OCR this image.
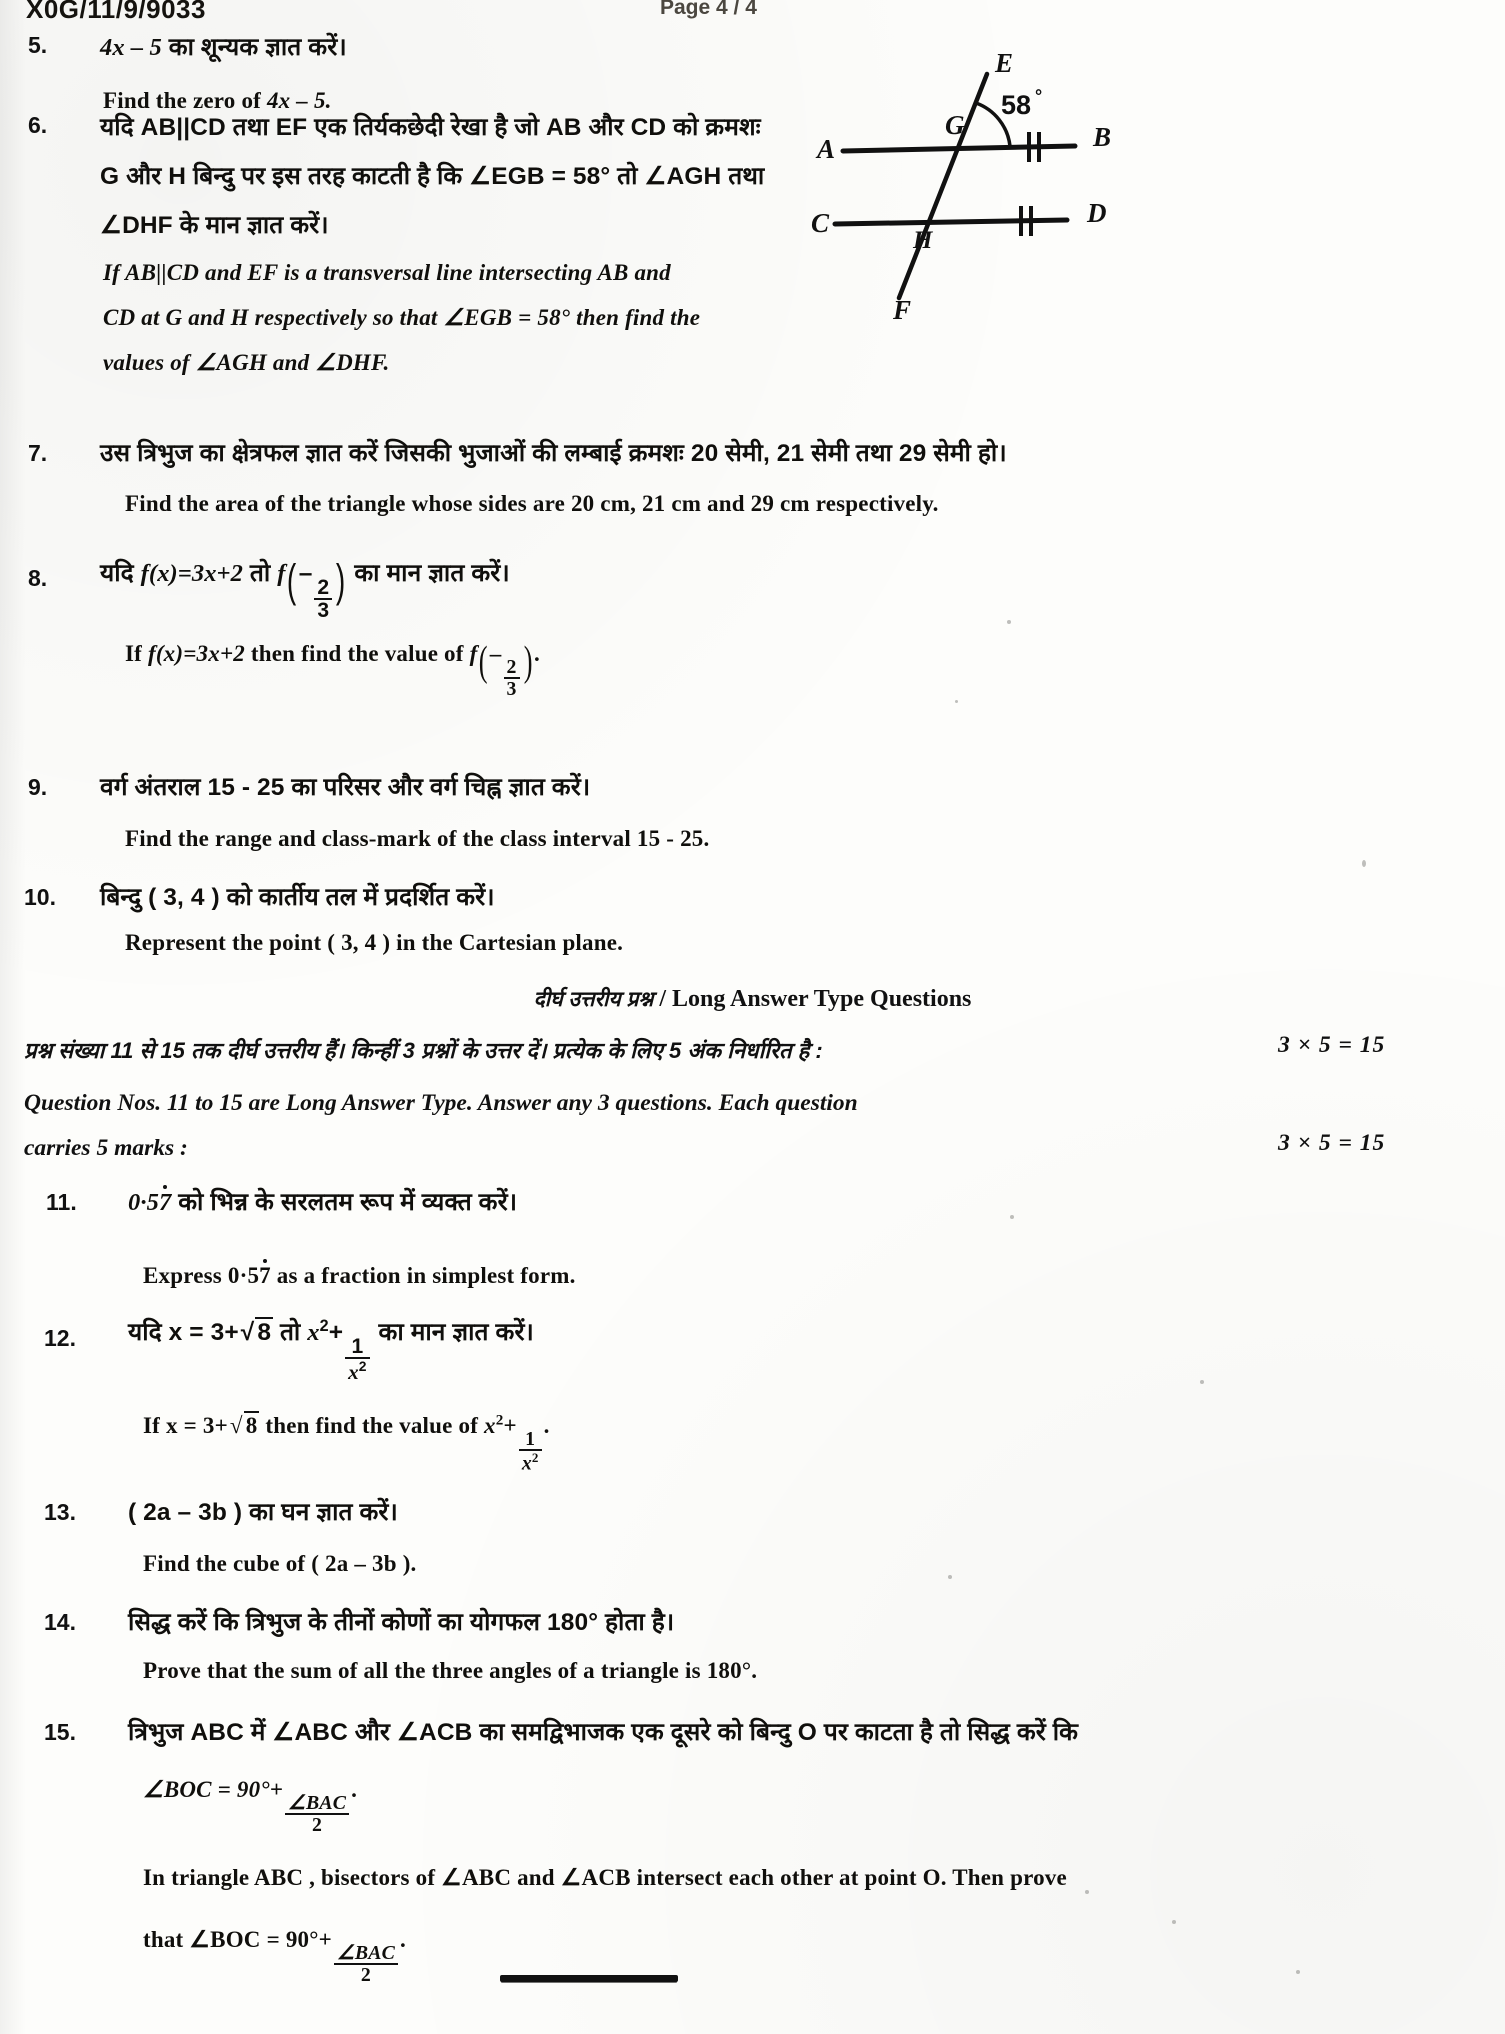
X0G/11/9/9033	Page 4 / 4
5. 4x – 5 का शून्यक ज्ञात करें।
Find the zero of 4x – 5.
6. यदि AB||CD तथा EF एक तिर्यकछेदी रेखा है जो AB और CD को क्रमशः
G और H बिन्दु पर इस तरह काटती है कि ∠EGB = 58° तो ∠AGH तथा
∠DHF के मान ज्ञात करें।
If AB||CD and EF is a transversal line intersecting AB and
CD at G and H respectively so that ∠EGB = 58° then find the
values of ∠AGH and ∠DHF.
A	B
C	D
E
F
G
H
58 °
7. उस त्रिभुज का क्षेत्रफल ज्ञात करें जिसकी भुजाओं की लम्बाई क्रमशः 20 सेमी, 21 सेमी तथा 29 सेमी हो।
Find the area of the triangle whose sides are 20 cm, 21 cm and 29 cm respectively.
8. यदि f(x)=3x+2 तो f(–
$\frac{2}{3}$ ) का मान ज्ञात करें।
If f(x)=3x+2 then find the value of f(–
$\frac{2}{3}$ ).
9. वर्ग अंतराल 15 - 25 का परिसर और वर्ग चिह्न ज्ञात करें।
Find the range and class-mark of the class interval 15 - 25.
10. बिन्दु ( 3, 4 ) को कार्तीय तल में प्रदर्शित करें।
Represent the point ( 3, 4 ) in the Cartesian plane.
दीर्घ उत्तरीय प्रश्न / Long Answer Type Questions
प्रश्न संख्या 11 से 15 तक दीर्घ उत्तरीय हैं। किन्हीं 3 प्रश्नों के उत्तर दें। प्रत्येक के लिए 5 अंक निर्धारित है :	3 × 5 = 15
Question Nos. 11 to 15 are Long Answer Type. Answer any 3 questions. Each question
carries 5 marks :	3 × 5 = 15
11. 0·57 को भिन्न के सरलतम रूप में व्यक्त करें।
Express 0·57 as a fraction in simplest form.
12. यदि x = 3+√ 8 तो $x^2+$
$\frac{1}{x^2}$
का मान ज्ञात करें।
If x = 3+√ 8 then find the value of $x^2+$
$\frac{1}{x^2}$
.
13. ( 2a – 3b ) का घन ज्ञात करें।
Find the cube of ( 2a – 3b ).
14. सिद्ध करें कि त्रिभुज के तीनों कोणों का योगफल 180° होता है।
Prove that the sum of all the three angles of a triangle is 180°.
15. त्रिभुज ABC में ∠ABC और ∠ACB का समद्विभाजक एक दूसरे को बिन्दु O पर काटता है तो सिद्ध करें कि
∠BOC = 90°+
$\frac{\text{∠BAC}}{2}$
.
In triangle ABC , bisectors of ∠ABC and ∠ACB intersect each other at point O. Then prove
that ∠BOC = 90°+
$\frac{\text{∠BAC}}{2}$
.
